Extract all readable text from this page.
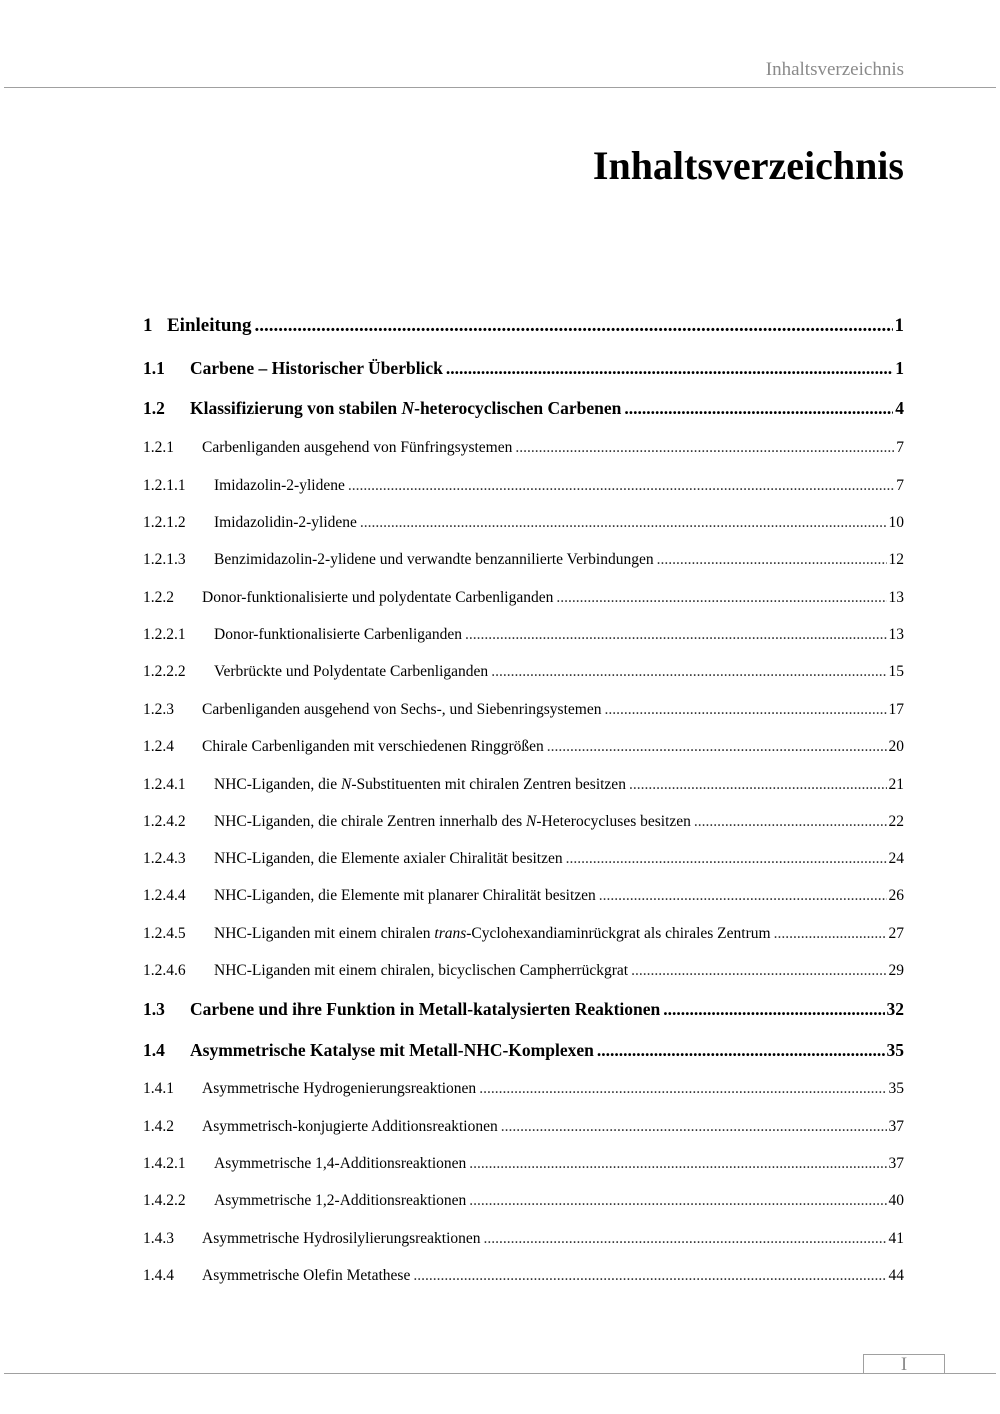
Inhaltsverzeichnis
Inhaltsverzeichnis
1 Einleitung .....	1
1.1	Carbene – Historischer Überblick .....	1
1.2	Klassifizierung von stabilen N-heterocyclischen Carbenen .....	4
1.2.1	Carbenliganden ausgehend von Fünfringsystemen .....	7
1.2.1.1	Imidazolin-2-ylidene .....	7
1.2.1.2	Imidazolidin-2-ylidene .....	10
1.2.1.3	Benzimidazolin-2-ylidene und verwandte benzannilierte Verbindungen .....	12
1.2.2	Donor-funktionalisierte und polydentate Carbenliganden .....	13
1.2.2.1	Donor-funktionalisierte Carbenliganden .....	13
1.2.2.2	Verbrückte und Polydentate Carbenliganden .....	15
1.2.3	Carbenliganden ausgehend von Sechs-, und Siebenringsystemen .....	17
1.2.4	Chirale Carbenliganden mit verschiedenen Ringgrößen .....	20
1.2.4.1	NHC-Liganden, die N-Substituenten mit chiralen Zentren besitzen .....	21
1.2.4.2	NHC-Liganden, die chirale Zentren innerhalb des N-Heterocycluses besitzen .....	22
1.2.4.3	NHC-Liganden, die Elemente axialer Chiralität besitzen .....	24
1.2.4.4	NHC-Liganden, die Elemente mit planarer Chiralität besitzen .....	26
1.2.4.5	NHC-Liganden mit einem chiralen trans-Cyclohexandiaminrückgrat als chirales Zentrum .....	27
1.2.4.6	NHC-Liganden mit einem chiralen, bicyclischen Campherrückgrat .....	29
1.3	Carbene und ihre Funktion in Metall-katalysierten Reaktionen .....	32
1.4	Asymmetrische Katalyse mit Metall-NHC-Komplexen .....	35
1.4.1	Asymmetrische Hydrogenierungsreaktionen .....	35
1.4.2	Asymmetrisch-konjugierte Additionsreaktionen .....	37
1.4.2.1	Asymmetrische 1,4-Additionsreaktionen .....	37
1.4.2.2	Asymmetrische 1,2-Additionsreaktionen .....	40
1.4.3	Asymmetrische Hydrosilylierungsreaktionen .....	41
1.4.4	Asymmetrische Olefin Metathese .....	44
I
